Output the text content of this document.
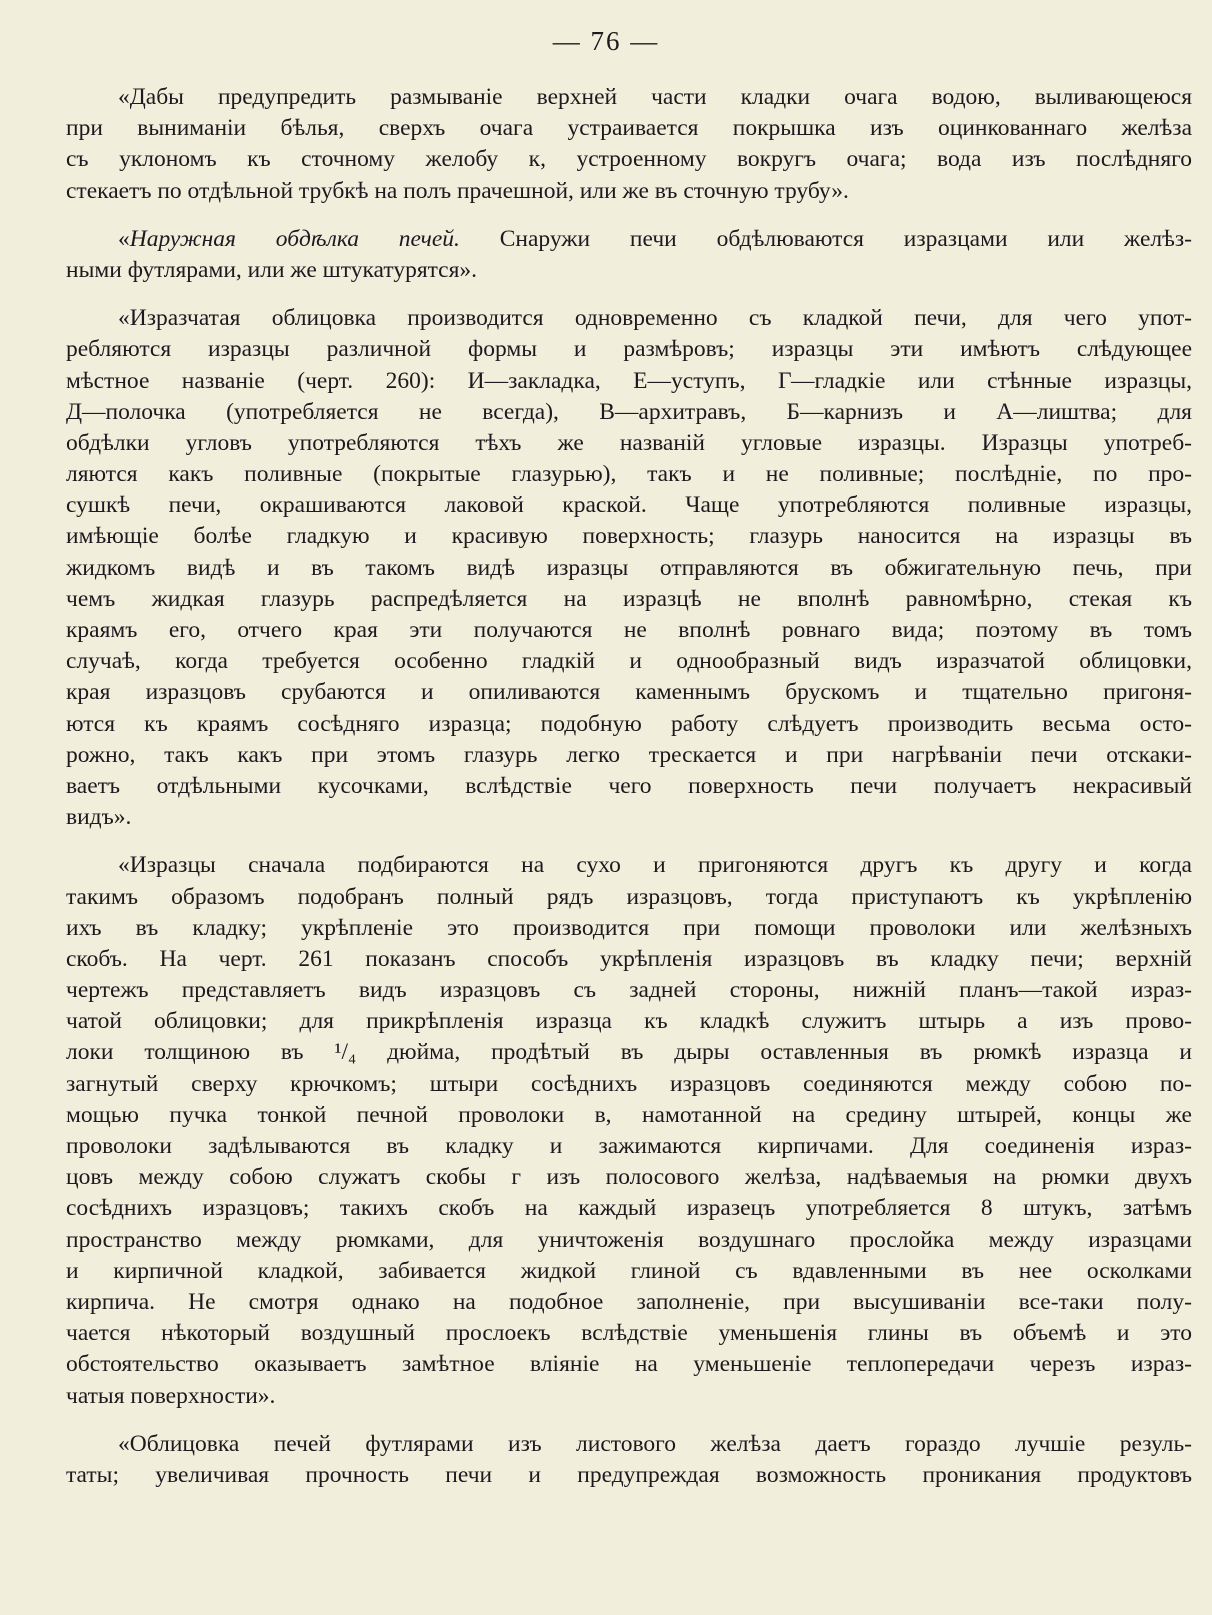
— 76 —
«Дабы предупредить размываніе верхней части кладки очага водою, выливающеюся
при выниманіи бѣлья, сверхъ очага устраивается покрышка изъ оцинкованнаго желѣза
съ уклономъ къ сточному желобу к, устроенному вокругъ очага; вода изъ послѣдняго
стекаетъ по отдѣльной трубкѣ на полъ прачешной, или же въ сточную трубу».
«Наружная обдѣлка печей. Снаружи печи обдѣлюваются изразцами или желѣз-
ными футлярами, или же штукатурятся».
«Изразчатая облицовка производится одновременно съ кладкой печи, для чего упот-
ребляются изразцы различной формы и размѣровъ; изразцы эти имѣютъ слѣдующее
мѣстное названіе (черт. 260): И—закладка, Е—уступъ, Г—гладкіе или стѣнные изразцы,
Д—полочка (употребляется не всегда), В—архитравъ, Б—карнизъ и А—лиштва; для
обдѣлки угловъ употребляются тѣхъ же названій угловые изразцы. Изразцы употреб-
ляются какъ поливные (покрытые глазурью), такъ и не поливные; послѣдніе, по про-
сушкѣ печи, окрашиваются лаковой краской. Чаще употребляются поливные изразцы,
имѣющіе болѣе гладкую и красивую поверхность; глазурь наносится на изразцы въ
жидкомъ видѣ и въ такомъ видѣ изразцы отправляются въ обжигательную печь, при
чемъ жидкая глазурь распредѣляется на изразцѣ не вполнѣ равномѣрно, стекая къ
краямъ его, отчего края эти получаются не вполнѣ ровнаго вида; поэтому въ томъ
случаѣ, когда требуется особенно гладкій и однообразный видъ изразчатой облицовки,
края изразцовъ срубаются и опиливаются каменнымъ брускомъ и тщательно пригоня-
ются къ краямъ сосѣдняго изразца; подобную работу слѣдуетъ производить весьма осто-
рожно, такъ какъ при этомъ глазурь легко трескается и при нагрѣваніи печи отскаки-
ваетъ отдѣльными кусочками, вслѣдствіе чего поверхность печи получаетъ некрасивый
видъ».
«Изразцы сначала подбираются на сухо и пригоняются другъ къ другу и когда
такимъ образомъ подобранъ полный рядъ изразцовъ, тогда приступаютъ къ укрѣпленію
ихъ въ кладку; укрѣпленіе это производится при помощи проволоки или желѣзныхъ
скобъ. На черт. 261 показанъ способъ укрѣпленія изразцовъ въ кладку печи; верхній
чертежъ представляетъ видъ изразцовъ съ задней стороны, нижній планъ—такой израз-
чатой облицовки; для прикрѣпленія изразца къ кладкѣ служитъ штырь а изъ прово-
локи толщиною въ ¹/₄ дюйма, продѣтый въ дыры оставленныя въ рюмкѣ изразца и
загнутый сверху крючкомъ; штыри сосѣднихъ изразцовъ соединяются между собою по-
мощью пучка тонкой печной проволоки в, намотанной на средину штырей, концы же
проволоки задѣлываются въ кладку и зажимаются кирпичами. Для соединенія израз-
цовъ между собою служатъ скобы г изъ полосового желѣза, надѣваемыя на рюмки двухъ
сосѣднихъ изразцовъ; такихъ скобъ на каждый изразецъ употребляется 8 штукъ, затѣмъ
пространство между рюмками, для уничтоженія воздушнаго прослойка между изразцами
и кирпичной кладкой, забивается жидкой глиной съ вдавленными въ нее осколками
кирпича. Не смотря однако на подобное заполненіе, при высушиваніи все-таки полу-
чается нѣкоторый воздушный прослоекъ вслѣдствіе уменьшенія глины въ объемѣ и это
обстоятельство оказываетъ замѣтное вліяніе на уменьшеніе теплопередачи черезъ израз-
чатыя поверхности».
«Облицовка печей футлярами изъ листового желѣза даетъ гораздо лучшіе резуль-
таты; увеличивая прочность печи и предупреждая возможность проникания продуктовъ
